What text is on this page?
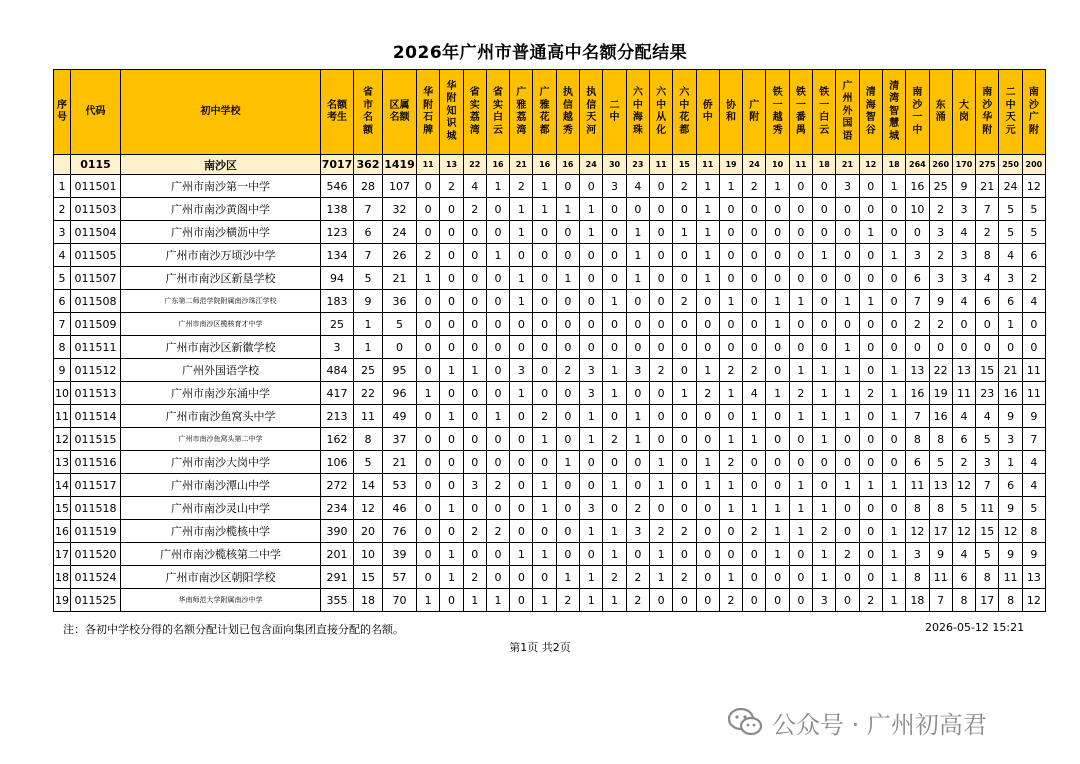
2026年广州市普通高中名额分配结果
序号	代码	初中学校	名额考生	省市名额	区属名额	华附石牌	华附知识城	省实荔湾	省实白云	广雅荔湾	广雅花都	执信越秀	执信天河	二中	六中海珠	六中从化	六中花都	侨中	协和	广附	铁一越秀	铁一番禺	铁一白云	广州外国语	清海智谷	清湾智慧城	南沙一中	东涌	大岗	南沙华附	二中天元	南沙广附
	0115	南沙区	7017	362	1419	11	13	22	16	21	16	16	24	30	23	11	15	11	19	24	10	11	18	21	12	18	264	260	170	275	250	200
1	011501	广州市南沙第一中学	546	28	107	0	2	4	1	2	1	0	0	3	4	0	2	1	1	2	1	0	0	3	0	1	16	25	9	21	24	12
2	011503	广州市南沙黄阁中学	138	7	32	0	0	2	0	1	1	1	1	0	0	0	0	1	0	0	0	0	0	0	0	0	10	2	3	7	5	5
3	011504	广州市南沙横沥中学	123	6	24	0	0	0	0	1	0	0	1	0	1	0	1	1	0	0	0	0	0	0	1	0	0	3	4	2	5	5
4	011505	广州市南沙万顷沙中学	134	7	26	2	0	0	1	0	0	0	0	0	1	0	0	1	0	0	0	0	1	0	0	1	3	2	3	8	4	6
5	011507	广州市南沙区新垦学校	94	5	21	1	0	0	0	1	0	1	0	0	1	0	0	1	0	0	0	0	0	0	0	0	6	3	3	4	3	2
6	011508	广东第二师范学院附属南沙珠江学校	183	9	36	0	0	0	0	1	0	0	0	1	0	0	2	0	1	0	1	1	0	1	1	0	7	9	4	6	6	4
7	011509	广州市南沙区榄核育才中学	25	1	5	0	0	0	0	0	0	0	0	0	0	0	0	0	0	0	1	0	0	0	0	0	2	2	0	0	1	0
8	011511	广州市南沙区新徽学校	3	1	0	0	0	0	0	0	0	0	0	0	0	0	0	0	0	0	0	0	0	1	0	0	0	0	0	0	0	0
9	011512	广州外国语学校	484	25	95	0	1	1	0	3	0	2	3	1	3	2	0	1	2	2	0	1	1	1	0	1	13	22	13	15	21	11
10	011513	广州市南沙东涌中学	417	22	96	1	0	0	0	1	0	0	3	1	0	0	1	2	1	4	1	2	1	1	2	1	16	19	11	23	16	11
11	011514	广州市南沙鱼窝头中学	213	11	49	0	1	0	1	0	2	0	1	0	1	0	0	0	0	1	0	1	1	1	0	1	7	16	4	4	9	9
12	011515	广州市南沙鱼窝头第二中学	162	8	37	0	0	0	0	0	1	0	1	2	1	0	0	0	1	1	0	0	1	0	0	0	8	8	6	5	3	7
13	011516	广州市南沙大岗中学	106	5	21	0	0	0	0	0	0	1	0	0	0	1	0	1	2	0	0	0	0	0	0	0	6	5	2	3	1	4
14	011517	广州市南沙潭山中学	272	14	53	0	0	3	2	0	1	0	0	1	0	1	0	1	1	0	0	1	0	1	1	1	11	13	12	7	6	4
15	011518	广州市南沙灵山中学	234	12	46	0	1	0	0	0	1	0	3	0	2	0	0	0	1	1	1	1	1	0	0	0	8	8	5	11	9	5
16	011519	广州市南沙榄核中学	390	20	76	0	0	2	2	0	0	0	1	1	3	2	2	0	0	2	1	1	2	0	0	1	12	17	12	15	12	8
17	011520	广州市南沙榄核第二中学	201	10	39	0	1	0	0	1	1	0	0	1	0	1	0	0	0	0	1	0	1	2	0	1	3	9	4	5	9	9
18	011524	广州市南沙区朝阳学校	291	15	57	0	1	2	0	0	0	1	1	2	2	1	2	0	1	0	0	0	1	0	0	1	8	11	6	8	11	13
19	011525	华南师范大学附属南沙中学	355	18	70	1	0	1	1	0	1	2	1	1	2	0	0	0	2	0	0	0	3	0	2	1	18	7	8	17	8	12
注：各初中学校分得的名额分配计划已包含面向集团直接分配的名额。	2026-05-12 15:21
第1页 共2页
公众号 · 广州初高君
